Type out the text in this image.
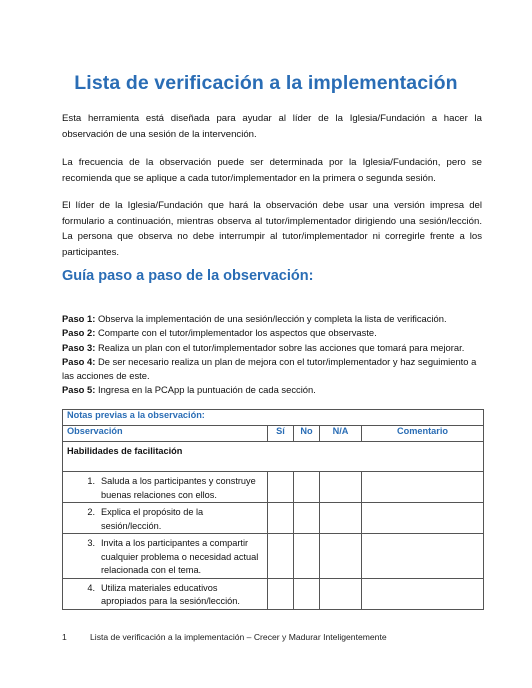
Lista de verificación a la implementación

Esta herramienta está diseñada para ayudar al líder de la Iglesia/Fundación a hacer la observación de una sesión de la intervención.

La frecuencia de la observación puede ser determinada por la Iglesia/Fundación, pero se recomienda que se aplique a cada tutor/implementador en la primera o segunda sesión.

El líder de la Iglesia/Fundación que hará la observación debe usar una versión impresa del formulario a continuación, mientras observa al tutor/implementador dirigiendo una sesión/lección. La persona que observa no debe interrumpir al tutor/implementador ni corregirle frente a los participantes.

Guía paso a paso de la observación:
Paso 1: Observa la implementación de una sesión/lección y completa la lista de verificación.
Paso 2: Comparte con el tutor/implementador los aspectos que observaste.
Paso 3: Realiza un plan con el tutor/implementador sobre las acciones que tomará para mejorar.
Paso 4: De ser necesario realiza un plan de mejora con el tutor/implementador y haz seguimiento a las acciones de este.
Paso 5: Ingresa en la PCApp la puntuación de cada sección.
Notas previas a la observación:				
Observación	Sí	No	N/A	Comentario
Habilidades de facilitación				

1. Saluda a los participantes y construye buenas relaciones con ellos.				

2. Explica el propósito de la sesión/lección.				

3. Invita a los participantes a compartir cualquier problema o necesidad actual relacionada con el tema.				

4. Utiliza materiales educativos apropiados para la sesión/lección.				

1	Lista de verificación a la implementación – Crecer y Madurar Inteligentemente
